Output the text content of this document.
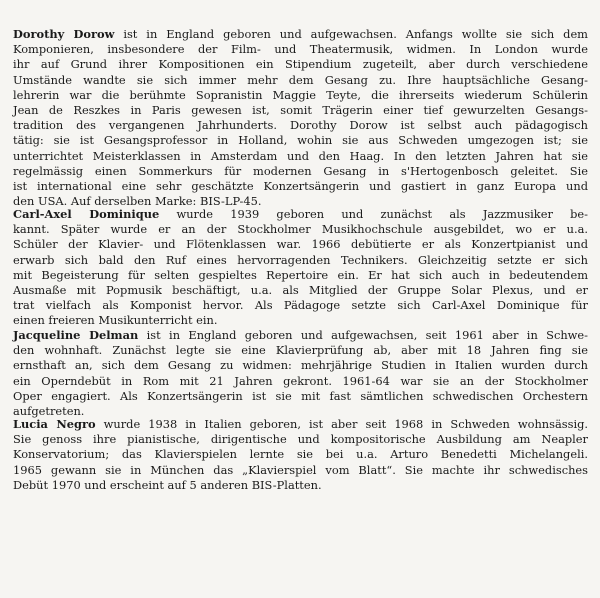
Dorothy Dorow ist in England geboren und aufgewachsen. Anfangs wollte sie sich dem
Komponieren, insbesondere der Film- und Theatermusik, widmen. In London wurde
ihr auf Grund ihrer Kompositionen ein Stipendium zugeteilt, aber durch verschiedene
Umstände wandte sie sich immer mehr dem Gesang zu. Ihre hauptsächliche Gesang-
lehrerin war die berühmte Sopranistin Maggie Teyte, die ihrerseits wiederum Schülerin
Jean de Reszkes in Paris gewesen ist, somit Trägerin einer tief gewurzelten Gesangs-
tradition des vergangenen Jahrhunderts. Dorothy Dorow ist selbst auch pädagogisch
tätig: sie ist Gesangsprofessor in Holland, wohin sie aus Schweden umgezogen ist; sie
unterrichtet Meisterklassen in Amsterdam und den Haag. In den letzten Jahren hat sie
regelmässig einen Sommerkurs für modernen Gesang in s'Hertogenbosch geleitet. Sie
ist international eine sehr geschätzte Konzertsängerin und gastiert in ganz Europa und
den USA. Auf derselben Marke: BIS-LP-45.
Carl-Axel Dominique wurde 1939 geboren und zunächst als Jazzmusiker be-
kannt. Später wurde er an der Stockholmer Musikhochschule ausgebildet, wo er u.a.
Schüler der Klavier- und Flötenklassen war. 1966 debütierte er als Konzertpianist und
erwarb sich bald den Ruf eines hervorragenden Technikers. Gleichzeitig setzte er sich
mit Begeisterung für selten gespieltes Repertoire ein. Er hat sich auch in bedeutendem
Ausmaße mit Popmusik beschäftigt, u.a. als Mitglied der Gruppe Solar Plexus, und er
trat vielfach als Komponist hervor. Als Pädagoge setzte sich Carl-Axel Dominique für
einen freieren Musikunterricht ein.
Jacqueline Delman ist in England geboren und aufgewachsen, seit 1961 aber in Schwe-
den wohnhaft. Zunächst legte sie eine Klavierprüfung ab, aber mit 18 Jahren fing sie
ernsthaft an, sich dem Gesang zu widmen: mehrjährige Studien in Italien wurden durch
ein Operndebüt in Rom mit 21 Jahren gekront. 1961-64 war sie an der Stockholmer
Oper engagiert. Als Konzertsängerin ist sie mit fast sämtlichen schwedischen Orchestern
aufgetreten.
Lucia Negro wurde 1938 in Italien geboren, ist aber seit 1968 in Schweden wohnsässig.
Sie genoss ihre pianistische, dirigentische und kompositorische Ausbildung am Neapler
Konservatorium; das Klavierspielen lernte sie bei u.a. Arturo Benedetti Michelangeli.
1965 gewann sie in München das „Klavierspiel vom Blatt“. Sie machte ihr schwedisches
Debüt 1970 und erscheint auf 5 anderen BIS-Platten.
